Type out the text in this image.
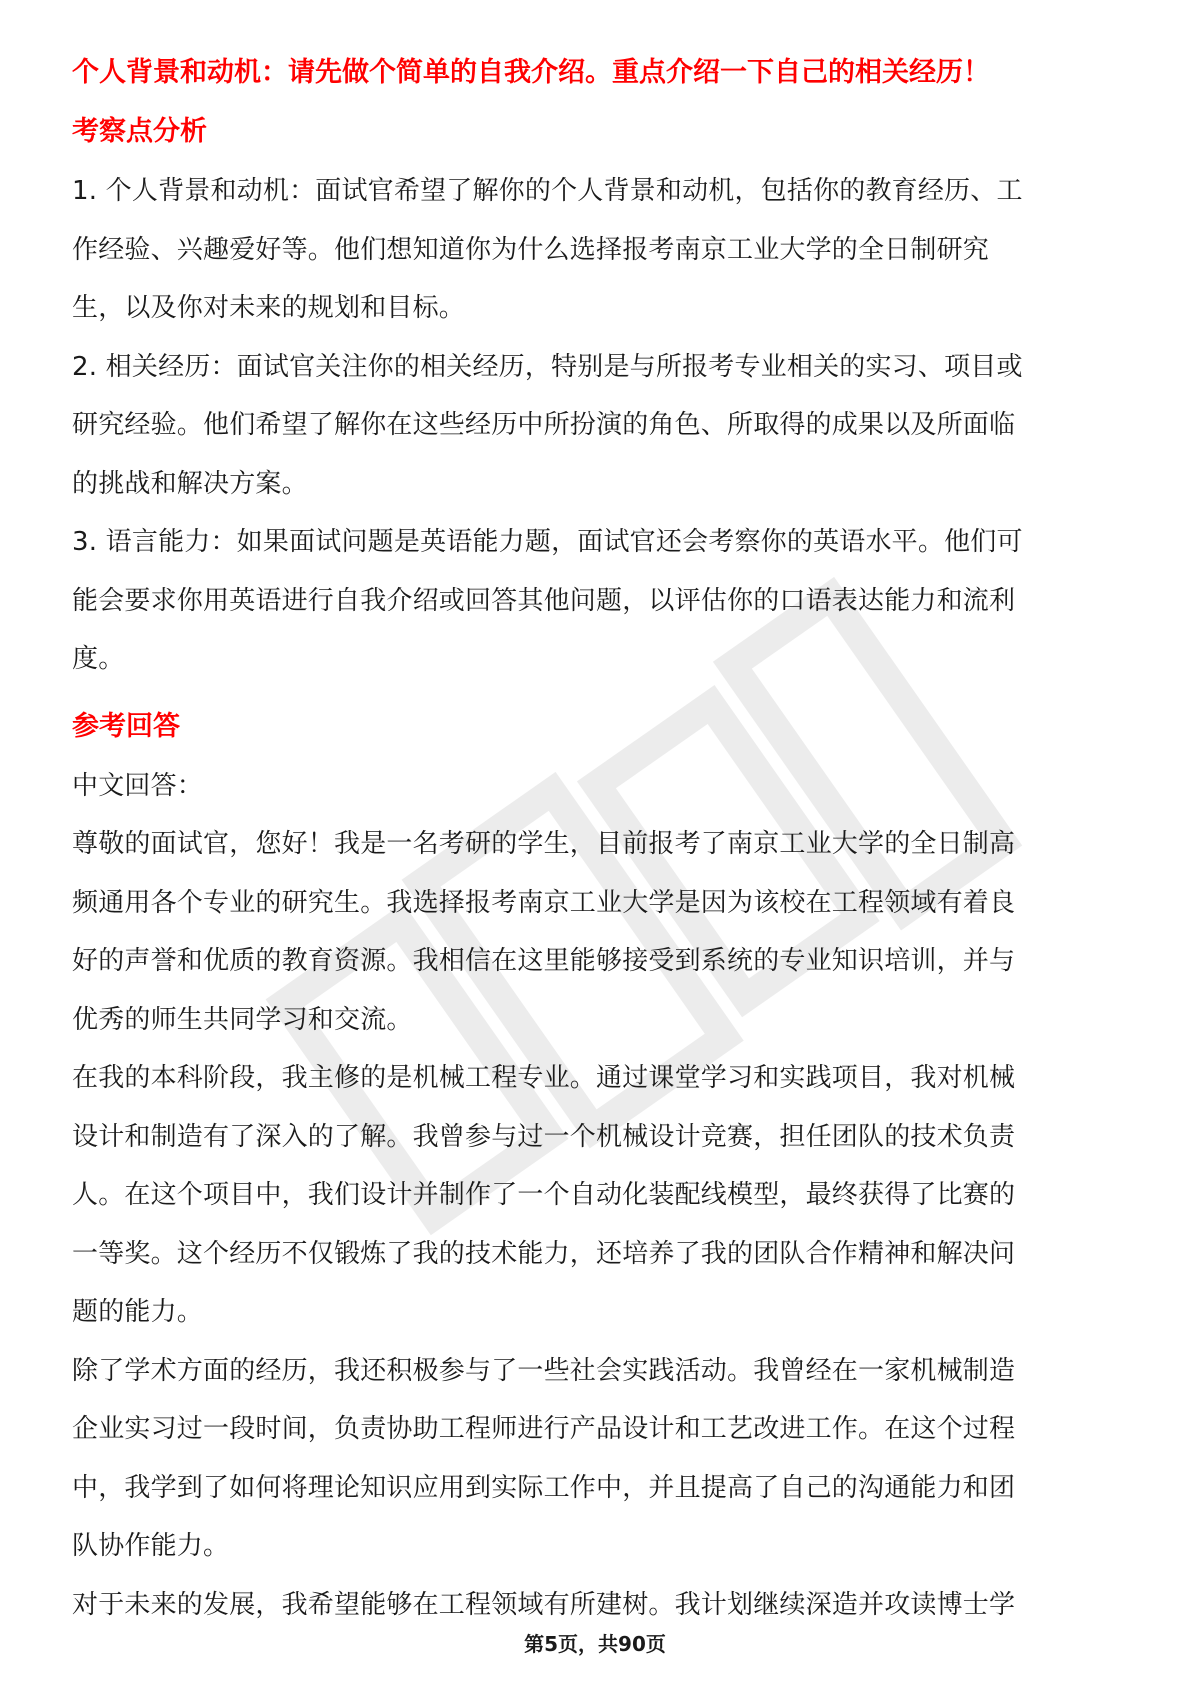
个人背景和动机：请先做个简单的自我介绍。重点介绍一下自己的相关经历！
考察点分析

1. 个人背景和动机：面试官希望了解你的个人背景和动机，包括你的教育经历、工

作经验、兴趣爱好等。他们想知道你为什么选择报考南京工业大学的全日制研究

生，以及你对未来的规划和目标。

2. 相关经历：面试官关注你的相关经历，特别是与所报考专业相关的实习、项目或

研究经验。他们希望了解你在这些经历中所扮演的角色、所取得的成果以及所面临

的挑战和解决方案。

3. 语言能力：如果面试问题是英语能力题，面试官还会考察你的英语水平。他们可

能会要求你用英语进行自我介绍或回答其他问题，以评估你的口语表达能力和流利

度。

参考回答

中文回答：

尊敬的面试官，您好！我是一名考研的学生，目前报考了南京工业大学的全日制高

频通用各个专业的研究生。我选择报考南京工业大学是因为该校在工程领域有着良

好的声誉和优质的教育资源。我相信在这里能够接受到系统的专业知识培训，并与

优秀的师生共同学习和交流。

在我的本科阶段，我主修的是机械工程专业。通过课堂学习和实践项目，我对机械

设计和制造有了深入的了解。我曾参与过一个机械设计竞赛，担任团队的技术负责

人。在这个项目中，我们设计并制作了一个自动化装配线模型，最终获得了比赛的

一等奖。这个经历不仅锻炼了我的技术能力，还培养了我的团队合作精神和解决问

题的能力。

除了学术方面的经历，我还积极参与了一些社会实践活动。我曾经在一家机械制造

企业实习过一段时间，负责协助工程师进行产品设计和工艺改进工作。在这个过程

中，我学到了如何将理论知识应用到实际工作中，并且提高了自己的沟通能力和团

队协作能力。

对于未来的发展，我希望能够在工程领域有所建树。我计划继续深造并攻读博士学

第5页，共90页
